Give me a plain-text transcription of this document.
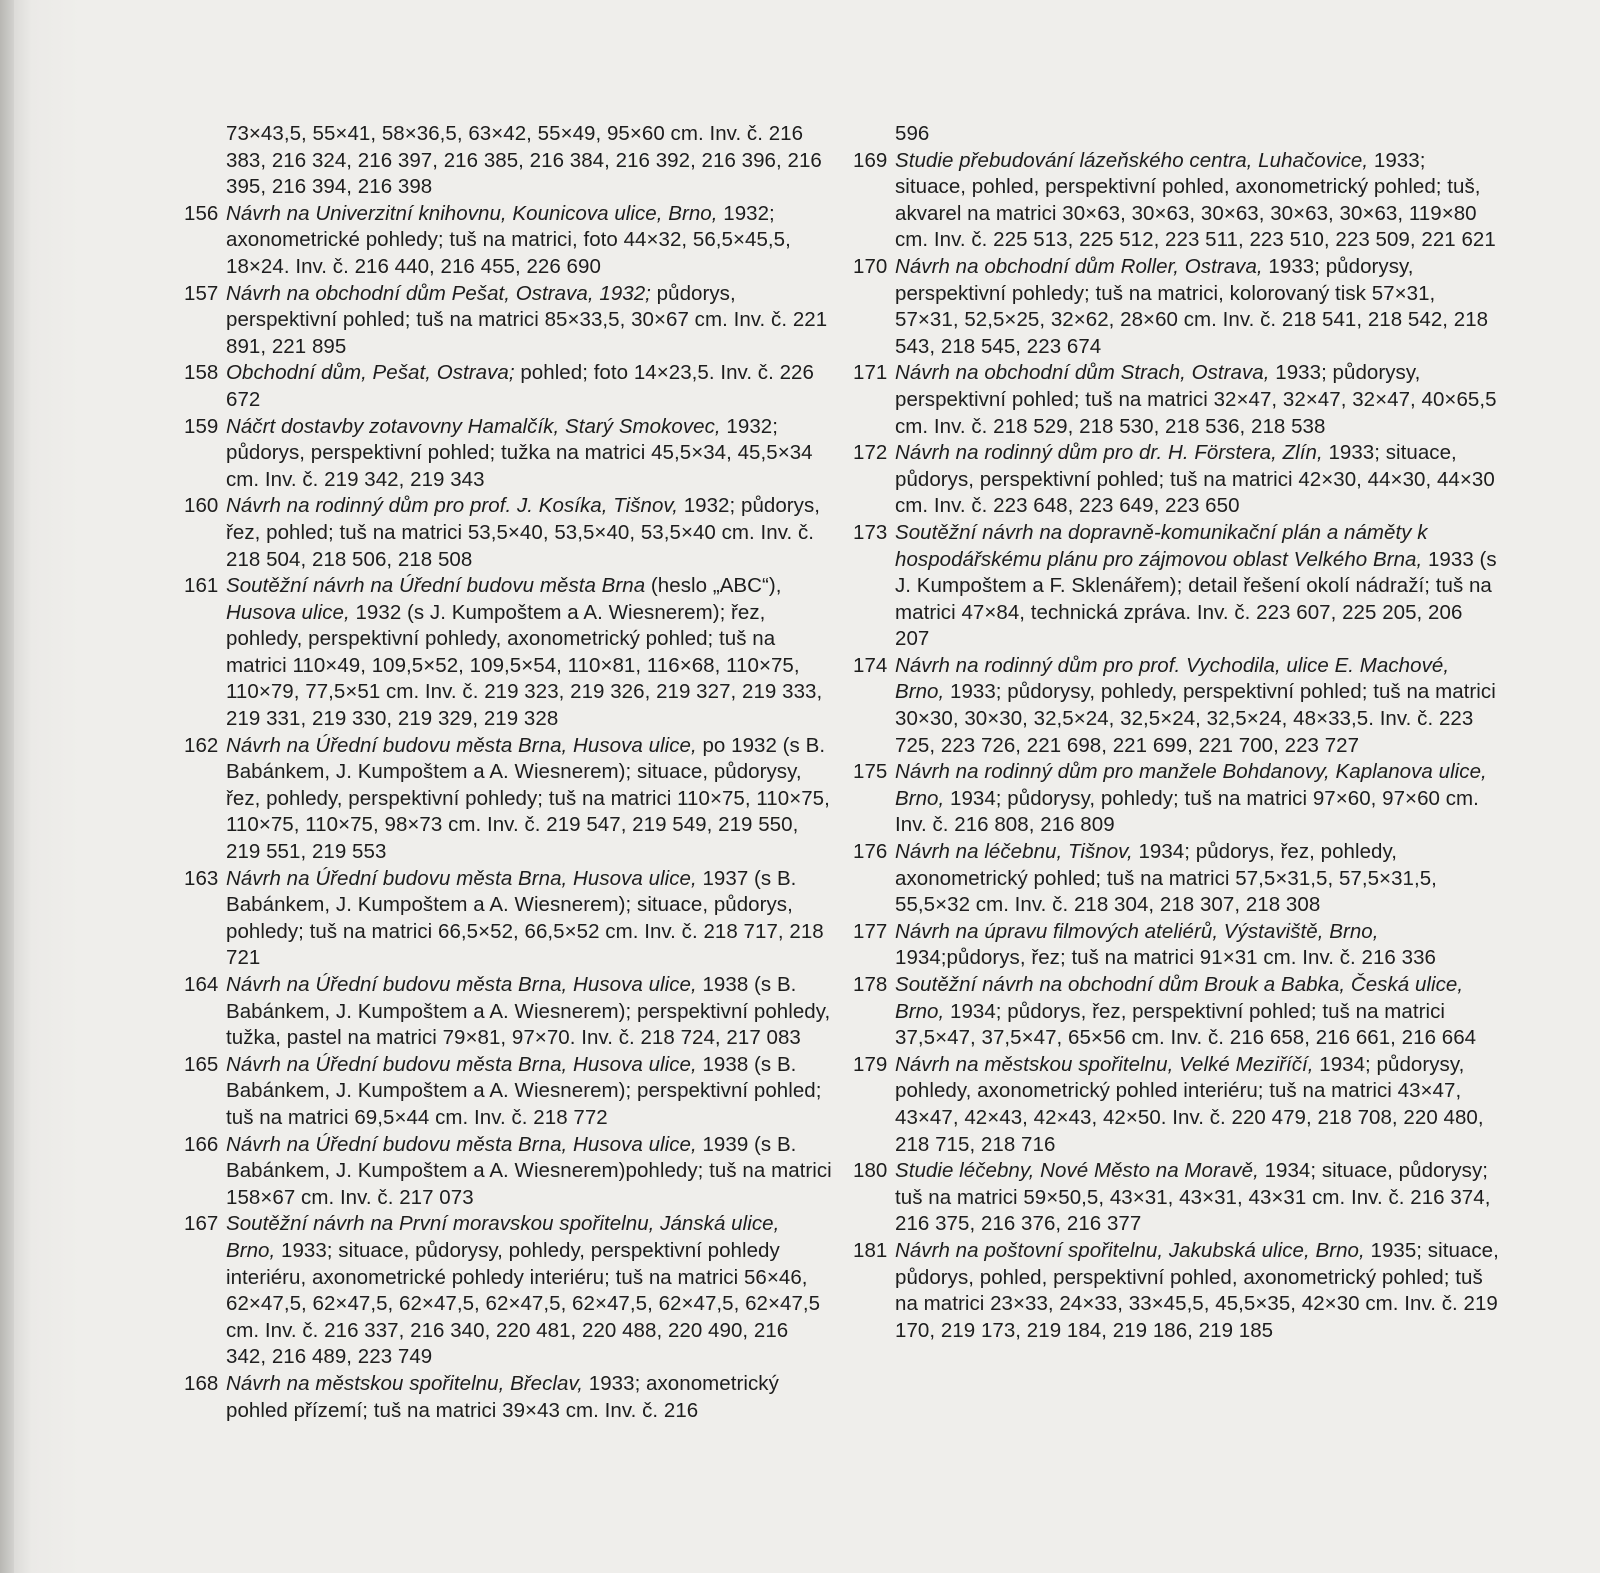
73×43,5, 55×41, 58×36,5, 63×42, 55×49, 95×60 cm. Inv. č. 216 383, 216 324, 216 397, 216 385, 216 384, 216 392, 216 396, 216 395, 216 394, 216 398

156 Návrh na Univerzitní knihovnu, Kounicova ulice, Brno, 1932; axonometrické pohledy; tuš na matrici, foto 44×32, 56,5×45,5, 18×24. Inv. č. 216 440, 216 455, 226 690

157 Návrh na obchodní dům Pešat, Ostrava, 1932; půdorys, perspektivní pohled; tuš na matrici 85×33,5, 30×67 cm. Inv. č. 221 891, 221 895

158 Obchodní dům, Pešat, Ostrava; pohled; foto 14×23,5. Inv. č. 226 672

159 Náčrt dostavby zotavovny Hamalčík, Starý Smokovec, 1932; půdorys, perspektivní pohled; tužka na matrici 45,5×34, 45,5×34 cm. Inv. č. 219 342, 219 343

160 Návrh na rodinný dům pro prof. J. Kosíka, Tišnov, 1932; půdorys, řez, pohled; tuš na matrici 53,5×40, 53,5×40, 53,5×40 cm. Inv. č. 218 504, 218 506, 218 508

161 Soutěžní návrh na Úřední budovu města Brna (heslo „ABC“), Husova ulice, 1932 (s J. Kumpoštem a A. Wiesnerem); řez, pohledy, perspektivní pohledy, axonometrický pohled; tuš na matrici 110×49, 109,5×52, 109,5×54, 110×81, 116×68, 110×75, 110×79, 77,5×51 cm. Inv. č. 219 323, 219 326, 219 327, 219 333, 219 331, 219 330, 219 329, 219 328

162 Návrh na Úřední budovu města Brna, Husova ulice, po 1932 (s B. Babánkem, J. Kumpoštem a A. Wiesnerem); situace, půdorysy, řez, pohledy, perspektivní pohledy; tuš na matrici 110×75, 110×75, 110×75, 110×75, 98×73 cm. Inv. č. 219 547, 219 549, 219 550, 219 551, 219 553

163 Návrh na Úřední budovu města Brna, Husova ulice, 1937 (s B. Babánkem, J. Kumpoštem a A. Wiesnerem); situace, půdorys, pohledy; tuš na matrici 66,5×52, 66,5×52 cm. Inv. č. 218 717, 218 721

164 Návrh na Úřední budovu města Brna, Husova ulice, 1938 (s B. Babánkem, J. Kumpoštem a A. Wiesnerem); perspektivní pohledy, tužka, pastel na matrici 79×81, 97×70. Inv. č. 218 724, 217 083

165 Návrh na Úřední budovu města Brna, Husova ulice, 1938 (s B. Babánkem, J. Kumpoštem a A. Wiesnerem); perspektivní pohled; tuš na matrici 69,5×44 cm. Inv. č. 218 772

166 Návrh na Úřední budovu města Brna, Husova ulice, 1939 (s B. Babánkem, J. Kumpoštem a A. Wiesnerem)pohledy; tuš na matrici 158×67 cm. Inv. č. 217 073

167 Soutěžní návrh na První moravskou spořitelnu, Jánská ulice, Brno, 1933; situace, půdorysy, pohledy, perspektivní pohledy interiéru, axonometrické pohledy interiéru; tuš na matrici 56×46, 62×47,5, 62×47,5, 62×47,5, 62×47,5, 62×47,5, 62×47,5, 62×47,5 cm. Inv. č. 216 337, 216 340, 220 481, 220 488, 220 490, 216 342, 216 489, 223 749

168 Návrh na městskou spořitelnu, Břeclav, 1933; axonometrický pohled přízemí; tuš na matrici 39×43 cm. Inv. č. 216

596

169 Studie přebudování lázeňského centra, Luhačovice, 1933; situace, pohled, perspektivní pohled, axonometrický pohled; tuš, akvarel na matrici 30×63, 30×63, 30×63, 30×63, 30×63, 119×80 cm. Inv. č. 225 513, 225 512, 223 511, 223 510, 223 509, 221 621

170 Návrh na obchodní dům Roller, Ostrava, 1933; půdorysy, perspektivní pohledy; tuš na matrici, kolorovaný tisk 57×31, 57×31, 52,5×25, 32×62, 28×60 cm. Inv. č. 218 541, 218 542, 218 543, 218 545, 223 674

171 Návrh na obchodní dům Strach, Ostrava, 1933; půdorysy, perspektivní pohled; tuš na matrici 32×47, 32×47, 32×47, 40×65,5 cm. Inv. č. 218 529, 218 530, 218 536, 218 538

172 Návrh na rodinný dům pro dr. H. Förstera, Zlín, 1933; situace, půdorys, perspektivní pohled; tuš na matrici 42×30, 44×30, 44×30 cm. Inv. č. 223 648, 223 649, 223 650

173 Soutěžní návrh na dopravně-komunikační plán a náměty k hospodářskému plánu pro zájmovou oblast Velkého Brna, 1933 (s J. Kumpoštem a F. Sklenářem); detail řešení okolí nádraží; tuš na matrici 47×84, technická zpráva. Inv. č. 223 607, 225 205, 206 207

174 Návrh na rodinný dům pro prof. Vychodila, ulice E. Machové, Brno, 1933; půdorysy, pohledy, perspektivní pohled; tuš na matrici 30×30, 30×30, 32,5×24, 32,5×24, 32,5×24, 48×33,5. Inv. č. 223 725, 223 726, 221 698, 221 699, 221 700, 223 727

175 Návrh na rodinný dům pro manžele Bohdanovy, Kaplanova ulice, Brno, 1934; půdorysy, pohledy; tuš na matrici 97×60, 97×60 cm. Inv. č. 216 808, 216 809

176 Návrh na léčebnu, Tišnov, 1934; půdorys, řez, pohledy, axonometrický pohled; tuš na matrici 57,5×31,5, 57,5×31,5, 55,5×32 cm. Inv. č. 218 304, 218 307, 218 308

177 Návrh na úpravu filmových ateliérů, Výstaviště, Brno, 1934;půdorys, řez; tuš na matrici 91×31 cm. Inv. č. 216 336

178 Soutěžní návrh na obchodní dům Brouk a Babka, Česká ulice, Brno, 1934; půdorys, řez, perspektivní pohled; tuš na matrici 37,5×47, 37,5×47, 65×56 cm. Inv. č. 216 658, 216 661, 216 664

179 Návrh na městskou spořitelnu, Velké Meziříčí, 1934; půdorysy, pohledy, axonometrický pohled interiéru; tuš na matrici 43×47, 43×47, 42×43, 42×43, 42×50. Inv. č. 220 479, 218 708, 220 480, 218 715, 218 716

180 Studie léčebny, Nové Město na Moravě, 1934; situace, půdorysy; tuš na matrici 59×50,5, 43×31, 43×31, 43×31 cm. Inv. č. 216 374, 216 375, 216 376, 216 377

181 Návrh na poštovní spořitelnu, Jakubská ulice, Brno, 1935; situace, půdorys, pohled, perspektivní pohled, axonometrický pohled; tuš na matrici 23×33, 24×33, 33×45,5, 45,5×35, 42×30 cm. Inv. č. 219 170, 219 173, 219 184, 219 186, 219 185
